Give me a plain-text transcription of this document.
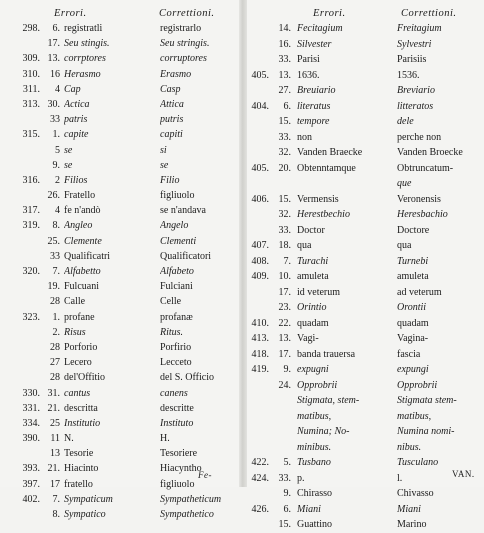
Errori.	Correttioni.
298.	6. registratli	registrarlo
17. Seu stingis.	Seu stringis.
309. 13. corrptores	corruptores
310.	16 Herasmo	Erasmo
311.	4 Cap	Casp
313. 30. Actica	Attica
33 patris	putris
315.	1. capite	capiti
5 se	si
9. se	se
316.	2 Filios	Filio
26. Fratello	figliuolo
317.	4 fe n'andò	se n'andava
319.	8. Angleo	Angelo
25. Clemente	Clementi
33 Qualificatri	Qualificatori
320.	7. Alfabetto	Alfabeto
19. Fulcuani	Fulciani
28 Calle	Celle
323.	1. profane	profanæ
2. Risus	Ritus.
28 Porforio	Porfirio
27 Lecero	Lecceto
28 del'Offitio	del S. Officio
330. 31. cantus	canens
331. 21. descritta	descritte
334.	25 Institutio	Instituto
390.	11 N.	H.
13 Tesorie	Tesoriere
393. 21. Hiacinto	Hiacyntho
397.	17 fratello	figliuolo
402.	7. Sympaticum	Sympatheticum
8. Sympatico	Sympathetico
Errori.	Correttioni.
14. Fecitagium	Freitagium
16. Silvester	Sylvestri
33. Parisi	Parisiis
405. 13. 1636.	1536.
27. Breuiario	Breviario
404.	6. literatus	litteratos
15. tempore	dele
33. non	perche non
32. Vanden Braecke	Vanden Broecke
405. 20. Obtenntamque	Obtruncatum-
que
406. 15. Vermensis	Veronensis
32. Herestbechio	Heresbachio
33. Doctor	Doctore
407. 18. qua	qua
408.	7. Turachi	Turnebi
409. 10. amuleta	amuleta
17. id veterum	ad veterum
23. Orintio	Orontii
410. 22. quadam	quadam
413. 13. Vagi-	Vagina-
418. 17. banda trauersa	fascia
419.	9. expugni	expungi
24. Opprobrii	Opprobrii
Stigmata, stem-	Stigmata stem-
matibus,	matibus,
Numina; No-	Numina nomi-
minibus.	nibus.
422.	5. Tusbano	Tusculano
424. 33. p.	l.
9. Chirasso	Chivasso
426.	6. Miani	Miani
15. Guattino	Marino
Fe-	VAN.
